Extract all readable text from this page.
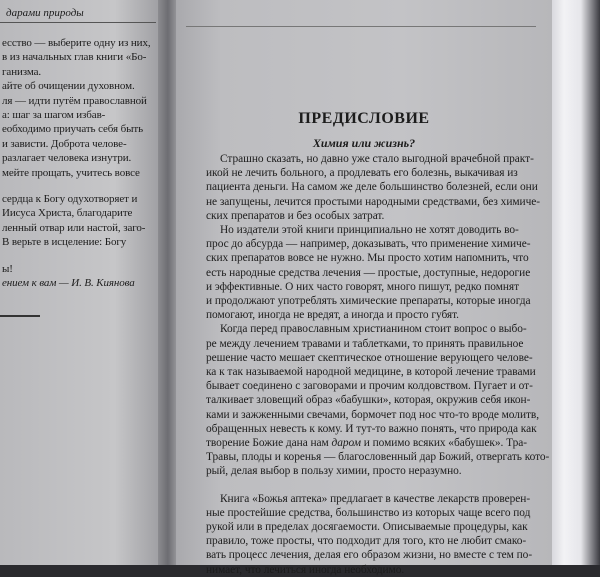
дарами природы
есство — выберите одну из них,
в из начальных глав книги «Бо-
ганизма.
айте об очищении духовном.
ля — идти путём православной
а: шаг за шагом избав-
еобходимо приучать себя быть
и зависти. Доброта челове-
разлагает человека изнутри.
мейте прощать, учитесь вовсе
сердца к Богу одухотворяет и
Иисуса Христа, благодарите
ленный отвар или настой, заго-
В верьте в исцеление: Богу
ы!
ением к вам — И. В. Киянова
ПРЕДИСЛОВИЕ
Химия или жизнь?
Страшно сказать, но давно уже стало выгодной врачебной практ-
икой не лечить больного, а продлевать его болезнь, выкачивая из
пациента деньги. На самом же деле большинство болезней, если они
не запущены, лечится простыми народными средствами, без химиче-
ских препаратов и без особых затрат.
Но издатели этой книги принципиально не хотят доводить во-
прос до абсурда — например, доказывать, что применение химиче-
ских препаратов вовсе не нужно. Мы просто хотим напомнить, что
есть народные средства лечения — простые, доступные, недорогие
и эффективные. О них часто говорят, много пишут, редко помнят
и продолжают употреблять химические препараты, которые иногда
помогают, иногда не вредят, а иногда и просто губят.
Когда перед православным христианином стоит вопрос о выбо-
ре между лечением травами и таблетками, то принять правильное
решение часто мешает скептическое отношение верующего челове-
ка к так называемой народной медицине, в которой лечение травами
бывает соединено с заговорами и прочим колдовством. Пугает и от-
талкивает зловещий образ «бабушки», которая, окружив себя икон-
ками и зажженными свечами, бормочет под нос что-то вроде молитв,
обращенных невесть к кому. И тут-то важно понять, что природа как
творение Божие дана нам даром и помимо всяких «бабушек». Тра-
Травы, плоды и коренья — благословенный дар Божий, отвергать кото-
рый, делая выбор в пользу химии, просто неразумно.
Книга «Божья аптека» предлагает в качестве лекарств проверен-
ные простейшие средства, большинство из которых чаще всего под
рукой или в пределах досягаемости. Описываемые процедуры, как
правило, тоже просты, что подходит для того, кто не любит смако-
вать процесс лечения, делая его образом жизни, но вместе с тем по-
нимает, что лечиться иногда необходимо.
